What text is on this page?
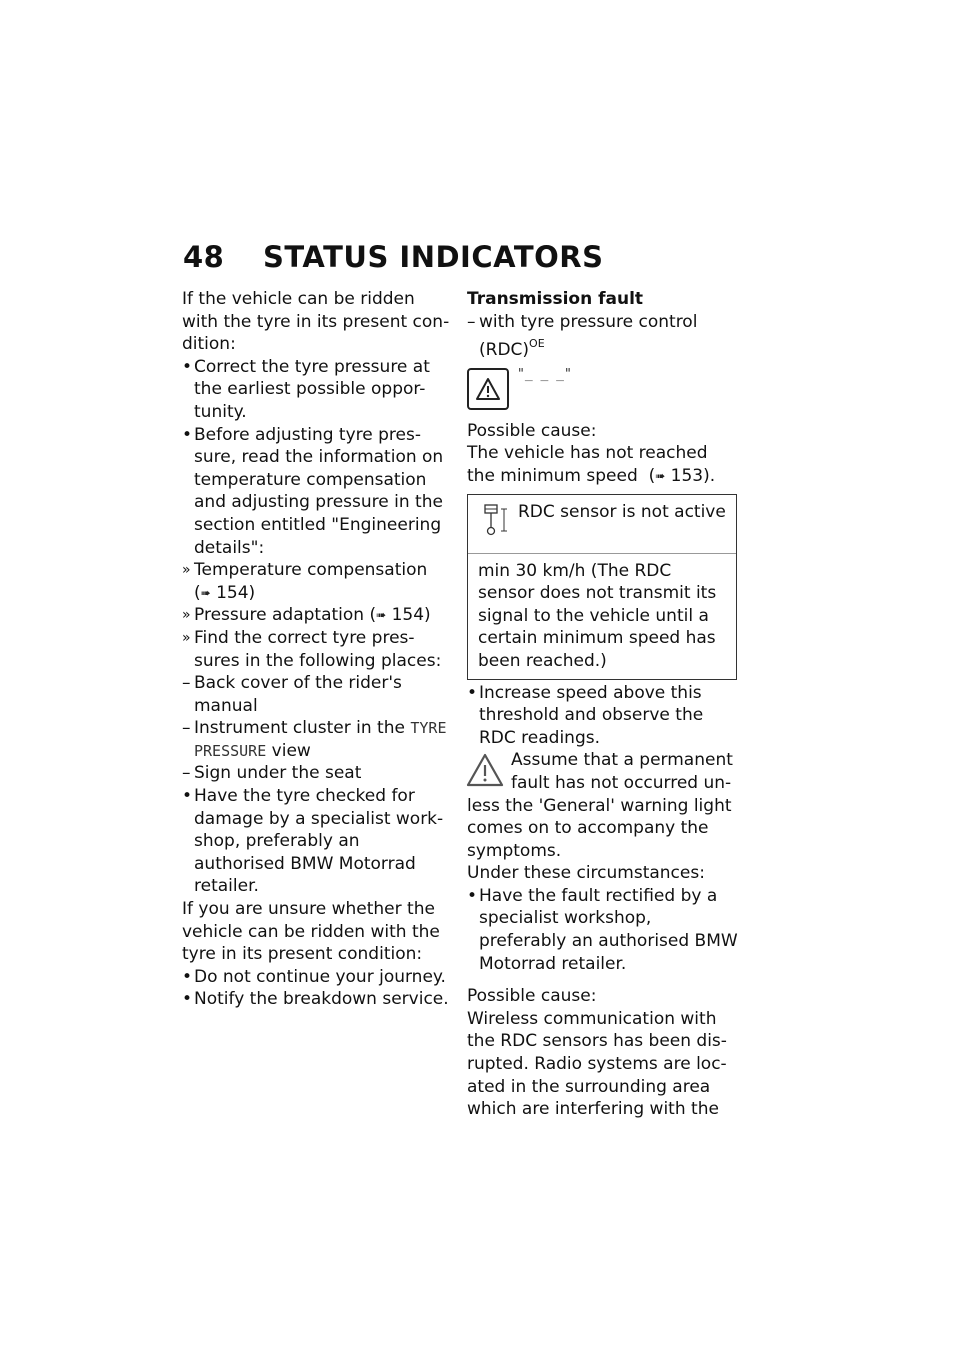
48 STATUS INDICATORS

If the vehicle can be ridden with the tyre in its present con-dition:

• Correct the tyre pressure at the earliest possible oppor-tunity.
• Before adjusting tyre pres-sure, read the information on temperature compensation and adjusting pressure in the section entitled "Engineering details":
» Temperature compensation
(➠ 154)
» Pressure adaptation (➠ 154)
» Find the correct tyre pres-sures in the following places:
– Back cover of the rider's manual
– Instrument cluster in the TYRE PRESSURE view
– Sign under the seat
• Have the tyre checked for damage by a specialist work-shop, preferably an authorised BMW Motorrad retailer.

If you are unsure whether the vehicle can be ridden with the tyre in its present condition:

• Do not continue your journey.
• Notify the breakdown service.

Transmission fault

– with tyre pressure control (RDC)$^{OE}$
"_ _ _"

Possible cause:

The vehicle has not reached the minimum speed (➠ 153).

RDC sensor is not active
min 30 km/h (The RDC sensor does not transmit its signal to the vehicle until a certain minimum speed has been reached.)
• Increase speed above this threshold and observe the RDC readings.
Assume that a permanent fault has not occurred un-less the 'General' warning light comes on to accompany the symptoms.

Under these circumstances:

• Have the fault rectified by a specialist workshop, preferably an authorised BMW Motorrad retailer.

Possible cause:

Wireless communication with the RDC sensors has been dis-rupted. Radio systems are loc-ated in the surrounding area which are interfering with the
